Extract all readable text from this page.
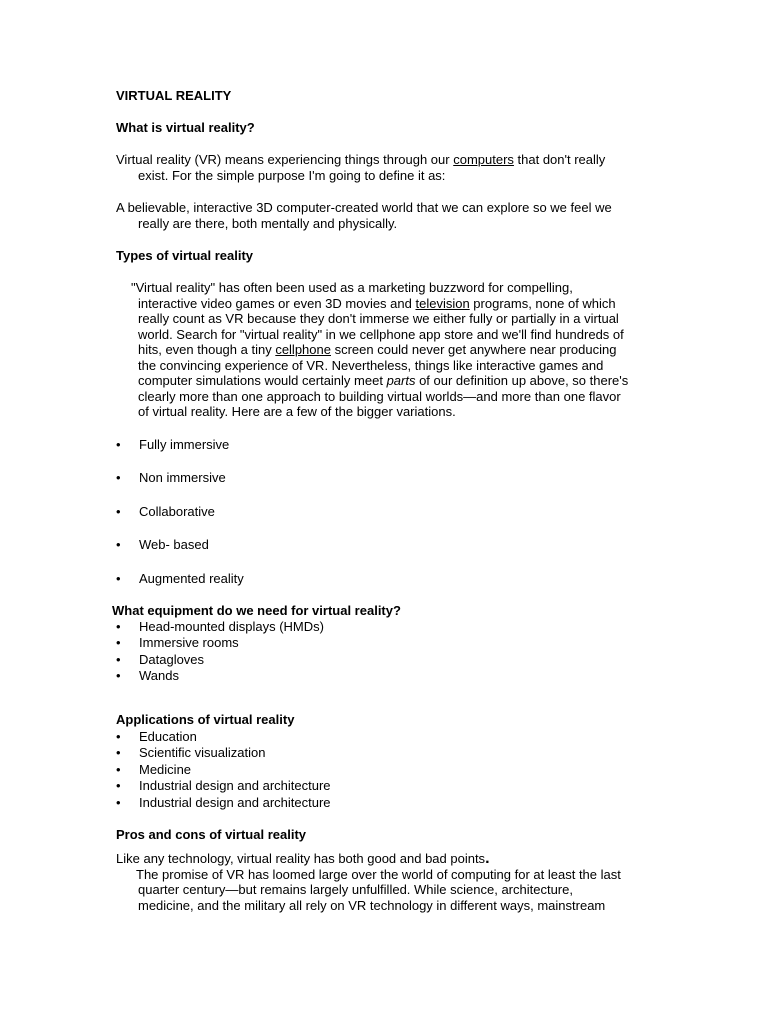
VIRTUAL REALITY
What is virtual reality?
Virtual reality (VR) means experiencing things through our computers that don't really
exist. For the simple purpose I'm going to define it as:
A believable, interactive 3D computer-created world that we can explore so we feel we
really are there, both mentally and physically.
Types of virtual reality
"Virtual reality" has often been used as a marketing buzzword for compelling,
interactive video games or even 3D movies and television programs, none of which
really count as VR because they don't immerse we either fully or partially in a virtual
world. Search for "virtual reality" in we cellphone app store and we'll find hundreds of
hits, even though a tiny cellphone screen could never get anywhere near producing
the convincing experience of VR. Nevertheless, things like interactive games and
computer simulations would certainly meet parts of our definition up above, so there's
clearly more than one approach to building virtual worlds—and more than one flavor
of virtual reality. Here are a few of the bigger variations.
• Fully immersive
• Non immersive
• Collaborative
• Web- based
• Augmented reality
What equipment do we need for virtual reality?
• Head-mounted displays (HMDs)
• Immersive rooms
• Datagloves
• Wands
Applications of virtual reality
• Education
• Scientific visualization
• Medicine
• Industrial design and architecture
• Industrial design and architecture
Pros and cons of virtual reality
Like any technology, virtual reality has both good and bad points.
The promise of VR has loomed large over the world of computing for at least the last
quarter century—but remains largely unfulfilled. While science, architecture,
medicine, and the military all rely on VR technology in different ways, mainstream
